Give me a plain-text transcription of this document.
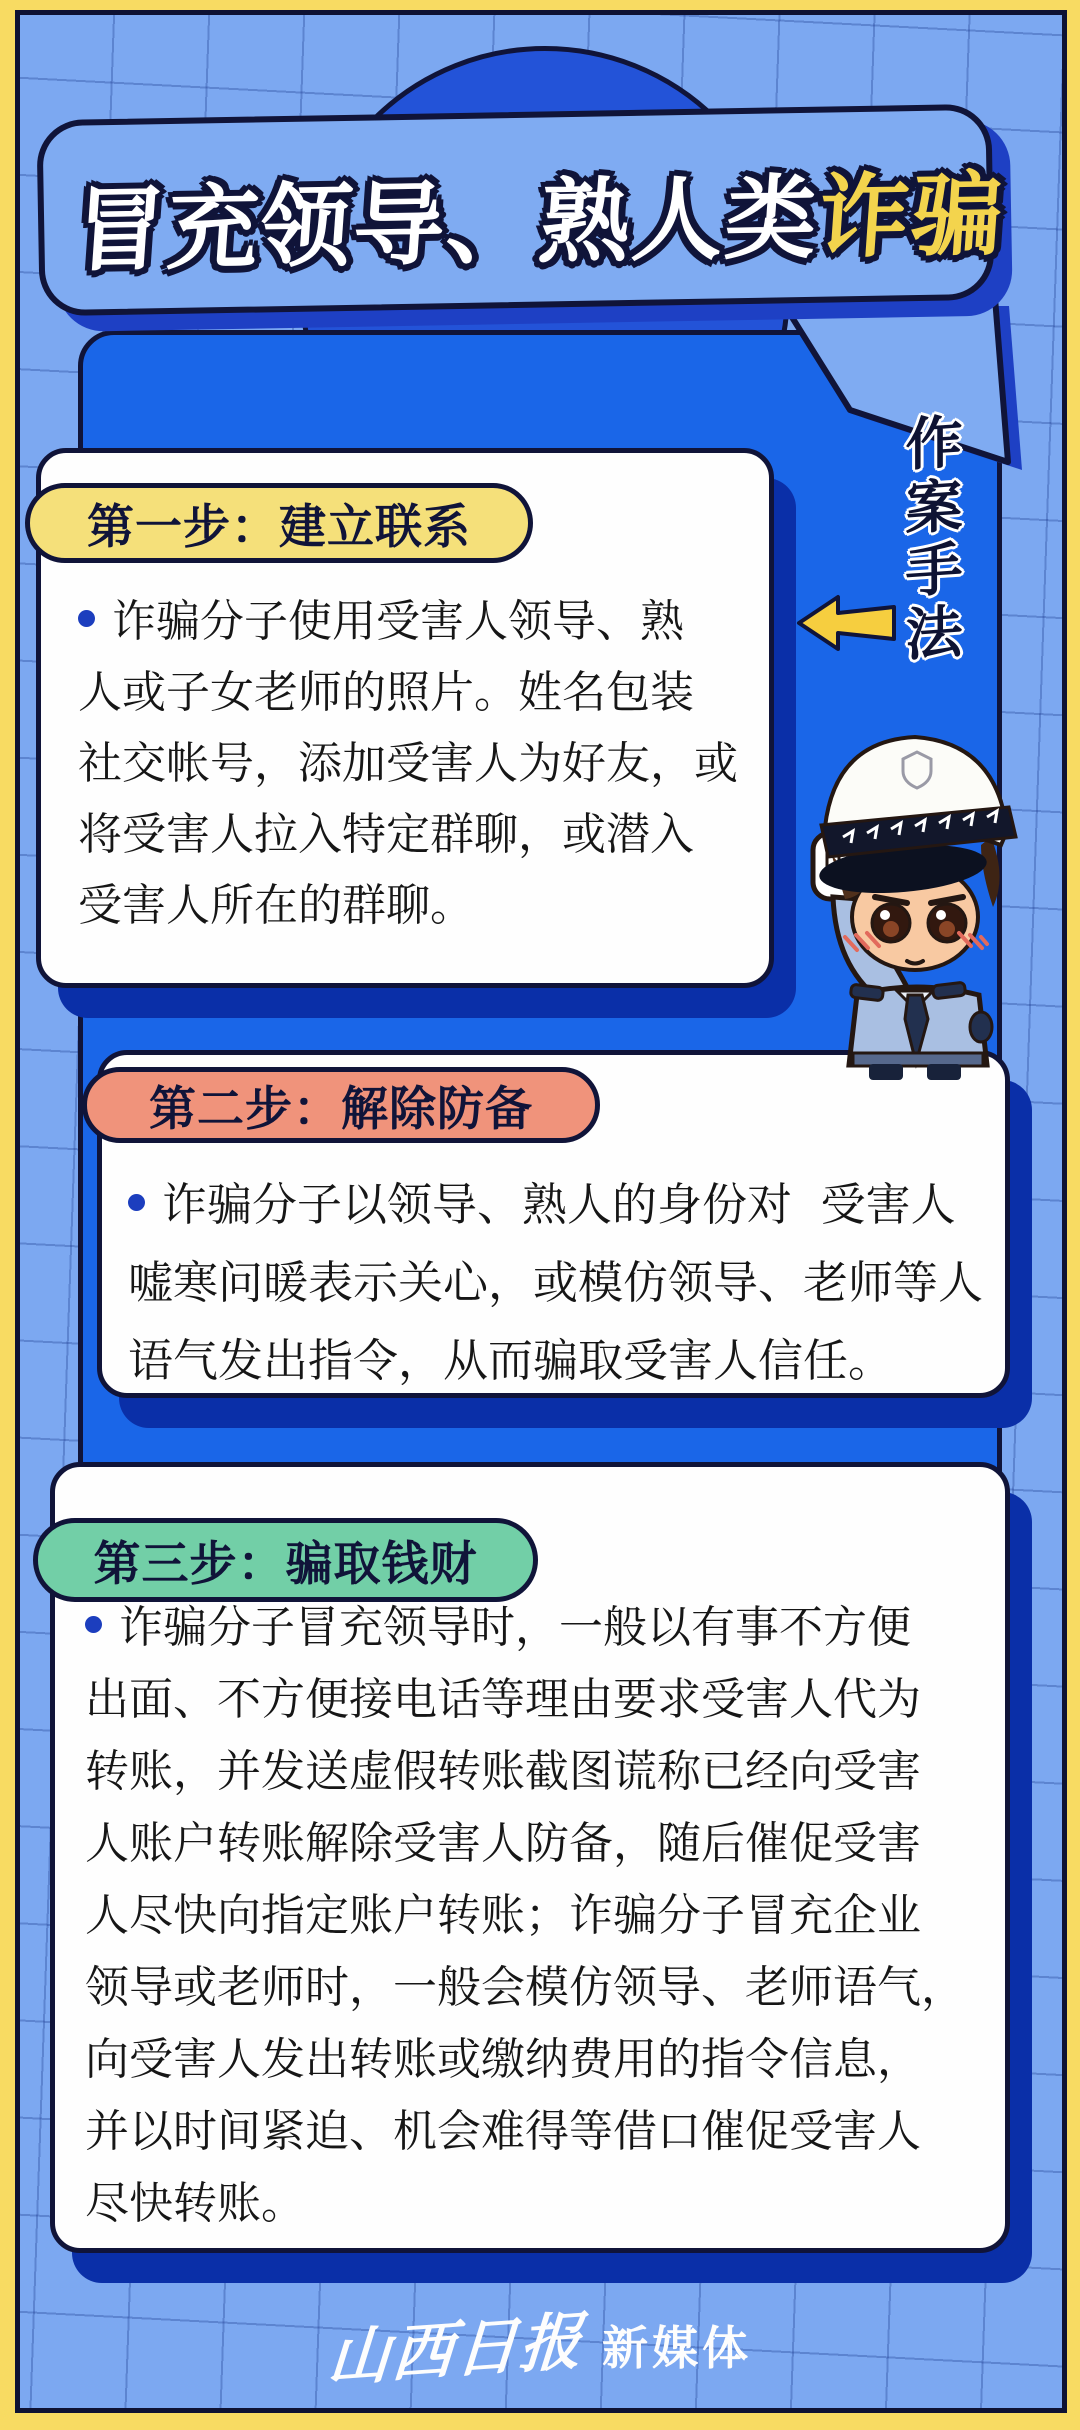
冒充领导、熟人类诈骗
作
案
手
法
诈骗分子使用受害人领导、熟
人或子女老师的照片。姓名包装
社交帐号，添加受害人为好友，或
将受害人拉入特定群聊，或潜入
受害人所在的群聊。
第一步：建立联系
诈骗分子以领导、熟人的身份对  受害人
嘘寒问暖表示关心，或模仿领导、老师等人
语气发出指令，从而骗取受害人信任。
第二步：解除防备
诈骗分子冒充领导时，一般以有事不方便
出面、不方便接电话等理由要求受害人代为
转账，并发送虚假转账截图谎称已经向受害
人账户转账解除受害人防备，随后催促受害
人尽快向指定账户转账；诈骗分子冒充企业
领导或老师时，一般会模仿领导、老师语气，
向受害人发出转账或缴纳费用的指令信息，
并以时间紧迫、机会难得等借口催促受害人
尽快转账。
第三步：骗取钱财
山西日报 新媒体
